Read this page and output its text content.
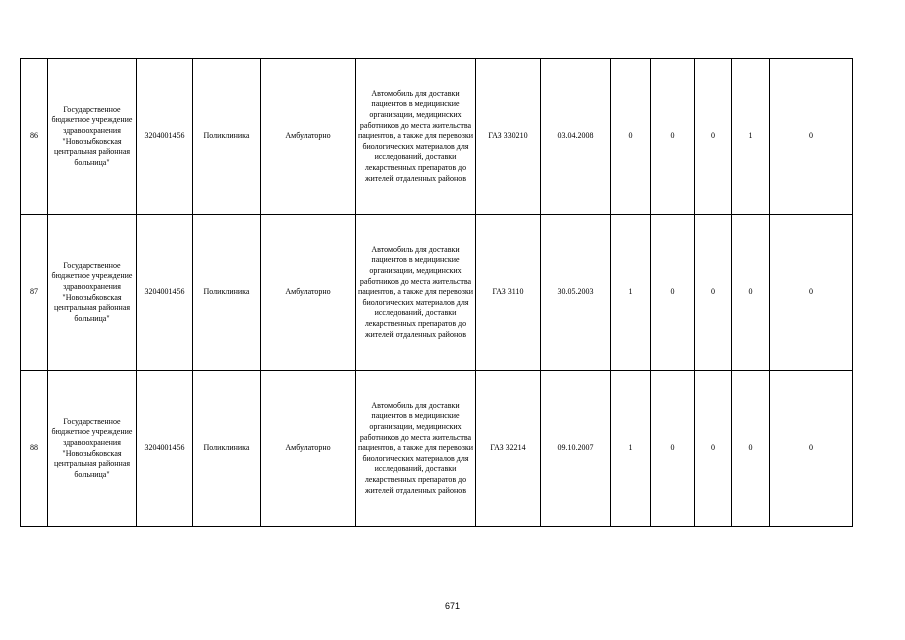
86	Государственное бюджетное учреждение здравоохранения "Новозыбковская центральная районная больница"	3204001456	Поликлиника	Амбулаторно	Автомобиль для доставки пациентов в медицинские организации, медицинских работников до места жительства пациентов, а также для перевозки биологических материалов для исследований, доставки лекарственных препаратов до жителей отдаленных районов	ГАЗ 330210	03.04.2008	0	0	0	1	0
87	Государственное бюджетное учреждение здравоохранения "Новозыбковская центральная районная больница"	3204001456	Поликлиника	Амбулаторно	Автомобиль для доставки пациентов в медицинские организации, медицинских работников до места жительства пациентов, а также для перевозки биологических материалов для исследований, доставки лекарственных препаратов до жителей отдаленных районов	ГАЗ 3110	30.05.2003	1	0	0	0	0
88	Государственное бюджетное учреждение здравоохранения "Новозыбковская центральная районная больница"	3204001456	Поликлиника	Амбулаторно	Автомобиль для доставки пациентов в медицинские организации, медицинских работников до места жительства пациентов, а также для перевозки биологических материалов для исследований, доставки лекарственных препаратов до жителей отдаленных районов	ГАЗ 32214	09.10.2007	1	0	0	0	0
671
